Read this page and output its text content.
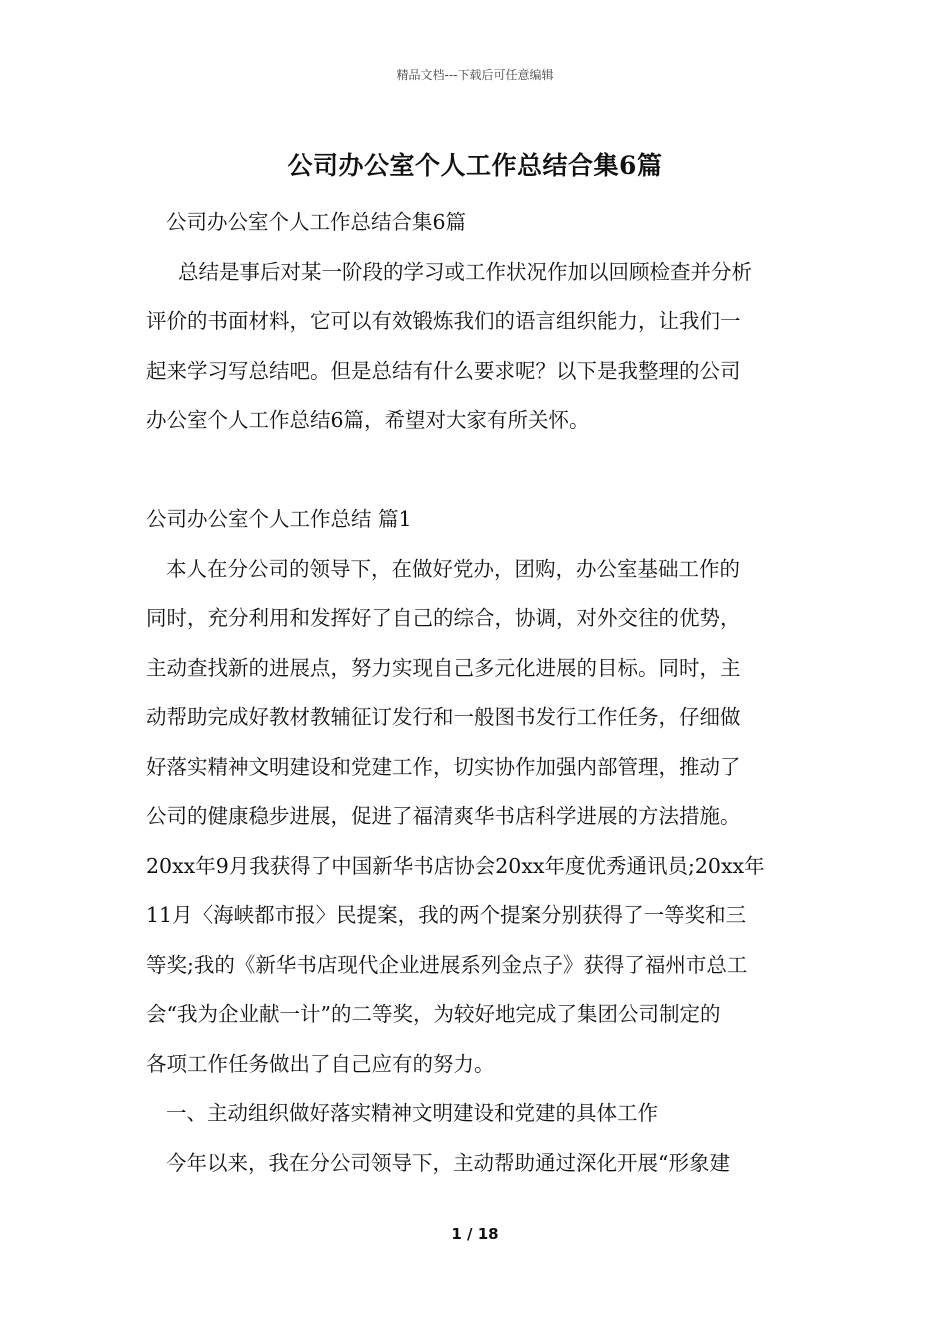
精品文档---下载后可任意编辑
公司办公室个人工作总结合集6篇
公司办公室个人工作总结合集6篇
总结是事后对某一阶段的学习或工作状况作加以回顾检查并分析
评价的书面材料，它可以有效锻炼我们的语言组织能力，让我们一
起来学习写总结吧。但是总结有什么要求呢？以下是我整理的公司
办公室个人工作总结6篇，希望对大家有所关怀。
公司办公室个人工作总结 篇1
本人在分公司的领导下，在做好党办，团购，办公室基础工作的
同时，充分利用和发挥好了自己的综合，协调，对外交往的优势，
主动查找新的进展点，努力实现自己多元化进展的目标。同时，主
动帮助完成好教材教辅征订发行和一般图书发行工作任务，仔细做
好落实精神文明建设和党建工作，切实协作加强内部管理，推动了
公司的健康稳步进展，促进了福清爽华书店科学进展的方法措施。
20xx年9月我获得了中国新华书店协会20xx年度优秀通讯员;20xx年
11月〈海峡都市报〉民提案，我的两个提案分别获得了一等奖和三
等奖;我的《新华书店现代企业进展系列金点子》获得了福州市总工
会“我为企业献一计”的二等奖，为较好地完成了集团公司制定的
各项工作任务做出了自己应有的努力。
一、主动组织做好落实精神文明建设和党建的具体工作
今年以来，我在分公司领导下，主动帮助通过深化开展“形象建
1 / 18
